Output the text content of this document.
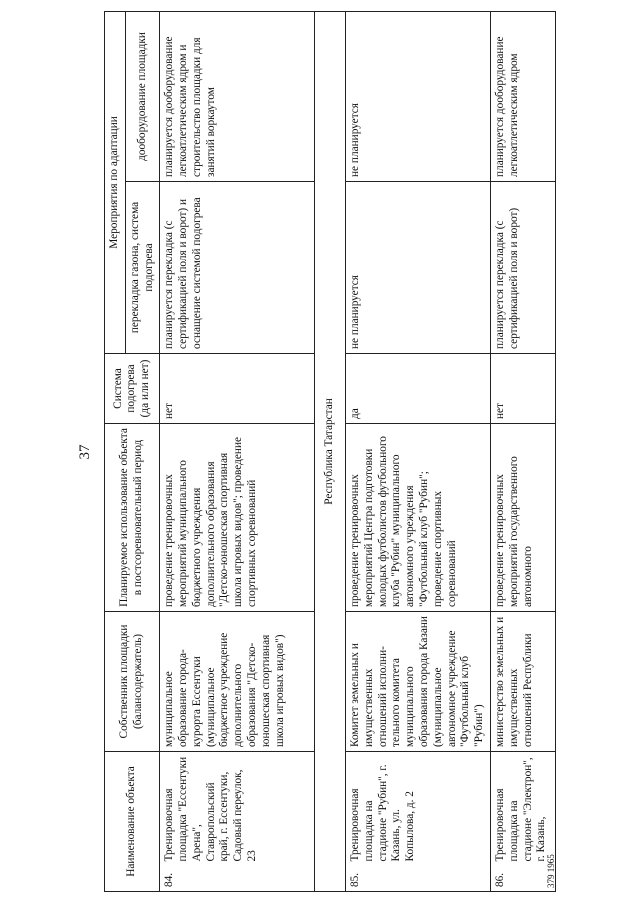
37
Наименование объекта		Собственник площадки (балансодержатель)	Планируемое использование объекта в постсоревновательный период	Система подогрева (да или нет)	Мероприятия по адаптации	
					перекладка газона, система подогрева	дооборудование площадки
84.	Тренировочная площадка "Ессентуки Арена", Ставропольский край, г. Ессентуки, Садовый переулок, 23	муниципальное образование города-курорта Ессентуки (муниципальное бюджетное учреждение дополнительного образования "Детско-юношеская спортивная школа игровых видов")	проведение тренировочных мероприятий муниципального бюджетного учреждения дополнительного образования "Детско-юношеская спортивная школа игровых видов"; проведение спортивных соревнований	нет	планируется перекладка (с сертификацией поля и ворот) и оснащение системой подогрева	планируется дооборудование легкоатлетическим ядром и строительство площадки для занятий воркаутом
Республика Татарстан						
85.	Тренировочная площадка на стадионе "Рубин", г. Казань, ул. Копылова, д. 2	Комитет земельных и имущественных отношений исполни-тельного комитета муниципального образования города Казани (муниципальное автономное учреждение "Футбольный клуб "Рубин")	проведение тренировочных мероприятий Центра подготовки молодых футболистов футбольного клуба "Рубин" муниципального автономного учреждения "Футбольный клуб "Рубин"; проведение спортивных соревнований	да	не планируется	не планируется
86.	Тренировочная площадка на стадионе "Электрон", г. Казань,	министерство земельных и имущественных отношений Республики	проведение тренировочных мероприятий государственного автономного	нет	планируется перекладка (с сертификацией поля и ворот)	планируется дооборудование легкоатлетическим ядром
379 1965
